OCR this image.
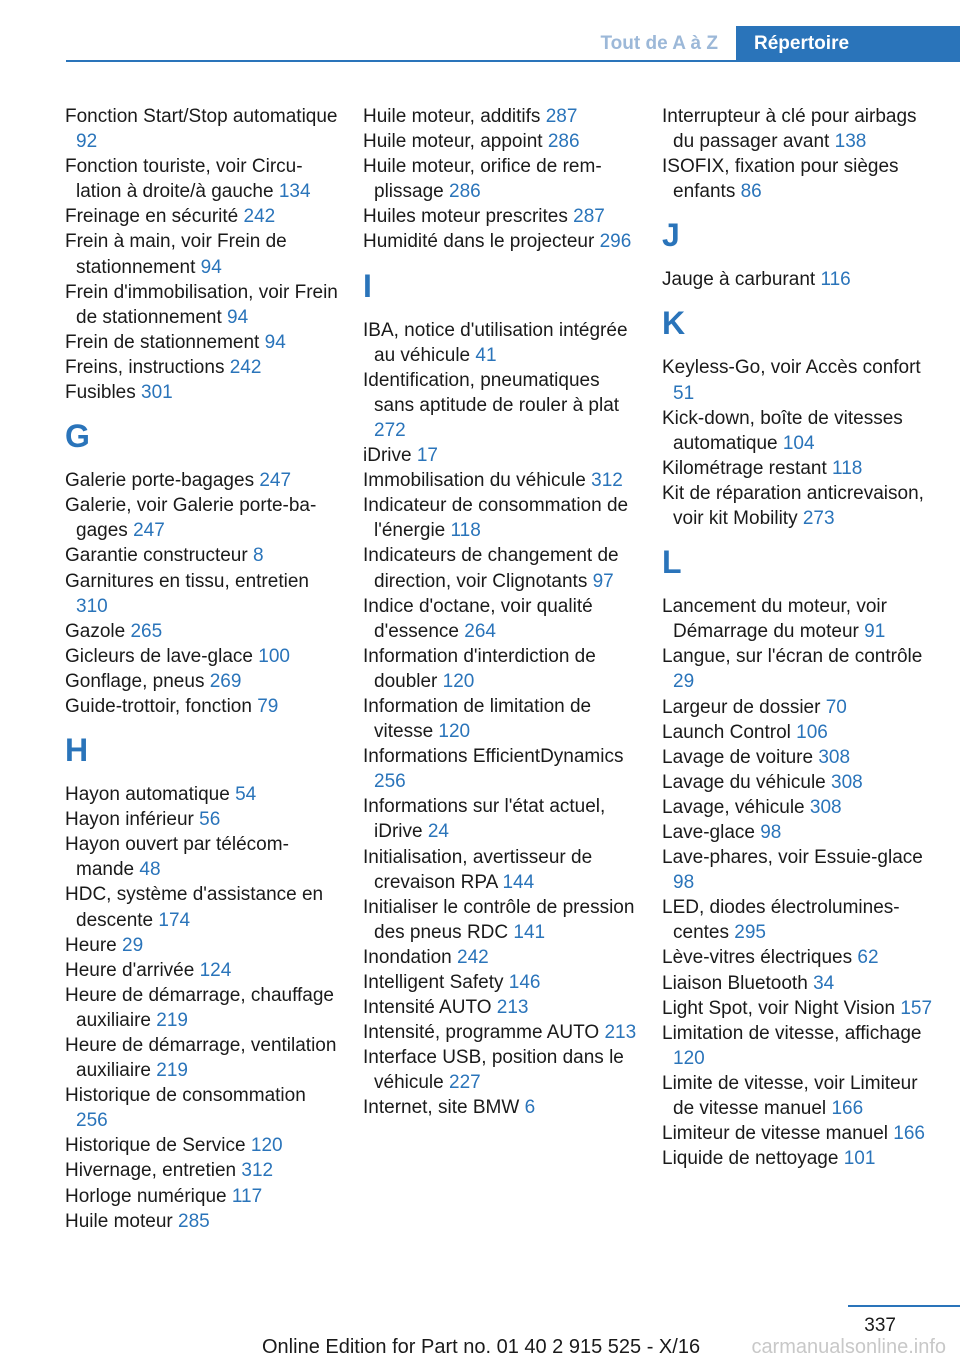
Tout de A à Z	Répertoire
Fonction Start/Stop automatique 92
Fonction touriste, voir Circulation à droite/à gauche 134
Freinage en sécurité 242
Frein à main, voir Frein de stationnement 94
Frein d'immobilisation, voir Frein de stationnement 94
Frein de stationnement 94
Freins, instructions 242
Fusibles 301
G
Galerie porte-bagages 247
Galerie, voir Galerie porte-bagages 247
Garantie constructeur 8
Garnitures en tissu, entretien 310
Gazole 265
Gicleurs de lave-glace 100
Gonflage, pneus 269
Guide-trottoir, fonction 79
H
Hayon automatique 54
Hayon inférieur 56
Hayon ouvert par télécommande 48
HDC, système d'assistance en descente 174
Heure 29
Heure d'arrivée 124
Heure de démarrage, chauffage auxiliaire 219
Heure de démarrage, ventilation auxiliaire 219
Historique de consommation 256
Historique de Service 120
Hivernage, entretien 312
Horloge numérique 117
Huile moteur 285
Huile moteur, additifs 287
Huile moteur, appoint 286
Huile moteur, orifice de remplissage 286
Huiles moteur prescrites 287
Humidité dans le projecteur 296
I
IBA, notice d'utilisation intégrée au véhicule 41
Identification, pneumatiques sans aptitude de rouler à plat 272
iDrive 17
Immobilisation du véhicule 312
Indicateur de consommation de l'énergie 118
Indicateurs de changement de direction, voir Clignotants 97
Indice d'octane, voir qualité d'essence 264
Information d'interdiction de doubler 120
Information de limitation de vitesse 120
Informations EfficientDynamics 256
Informations sur l'état actuel, iDrive 24
Initialisation, avertisseur de crevaison RPA 144
Initialiser le contrôle de pression des pneus RDC 141
Inondation 242
Intelligent Safety 146
Intensité AUTO 213
Intensité, programme AUTO 213
Interface USB, position dans le véhicule 227
Internet, site BMW 6
Interrupteur à clé pour airbags du passager avant 138
ISOFIX, fixation pour sièges enfants 86
J
Jauge à carburant 116
K
Keyless-Go, voir Accès confort 51
Kick-down, boîte de vitesses automatique 104
Kilométrage restant 118
Kit de réparation anticrevaison, voir kit Mobility 273
L
Lancement du moteur, voir Démarrage du moteur 91
Langue, sur l'écran de contrôle 29
Largeur de dossier 70
Launch Control 106
Lavage de voiture 308
Lavage du véhicule 308
Lavage, véhicule 308
Lave-glace 98
Lave-phares, voir Essuie-glace 98
LED, diodes électroluminescentes 295
Lève-vitres électriques 62
Liaison Bluetooth 34
Light Spot, voir Night Vision 157
Limitation de vitesse, affichage 120
Limite de vitesse, voir Limiteur de vitesse manuel 166
Limiteur de vitesse manuel 166
Liquide de nettoyage 101
337
Online Edition for Part no. 01 40 2 915 525 - X/16	carmanualsonline.info
